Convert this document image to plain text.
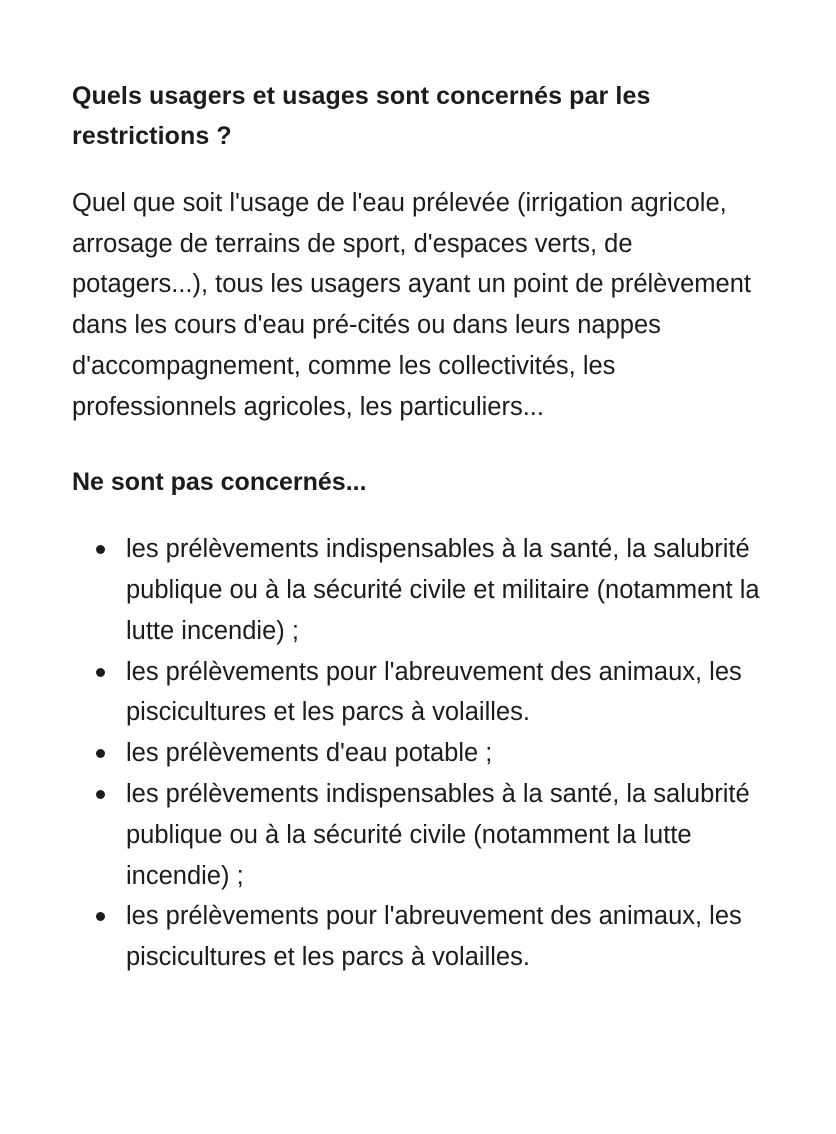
Quels usagers et usages sont concernés par les restrictions ?

Quel que soit l'usage de l'eau prélevée (irrigation agricole, arrosage de terrains de sport, d'espaces verts, de potagers...), tous les usagers ayant un point de prélèvement dans les cours d'eau pré-cités ou dans leurs nappes d'accompagnement, comme les collectivités, les professionnels agricoles, les particuliers...

Ne sont pas concernés...
les prélèvements indispensables à la santé, la salubrité publique ou à la sécurité civile et militaire (notamment la lutte incendie) ;
les prélèvements pour l'abreuvement des animaux, les piscicultures et les parcs à volailles.
les prélèvements d'eau potable ;
les prélèvements indispensables à la santé, la salubrité publique ou à la sécurité civile (notamment la lutte incendie) ;
les prélèvements pour l'abreuvement des animaux, les piscicultures et les parcs à volailles.
